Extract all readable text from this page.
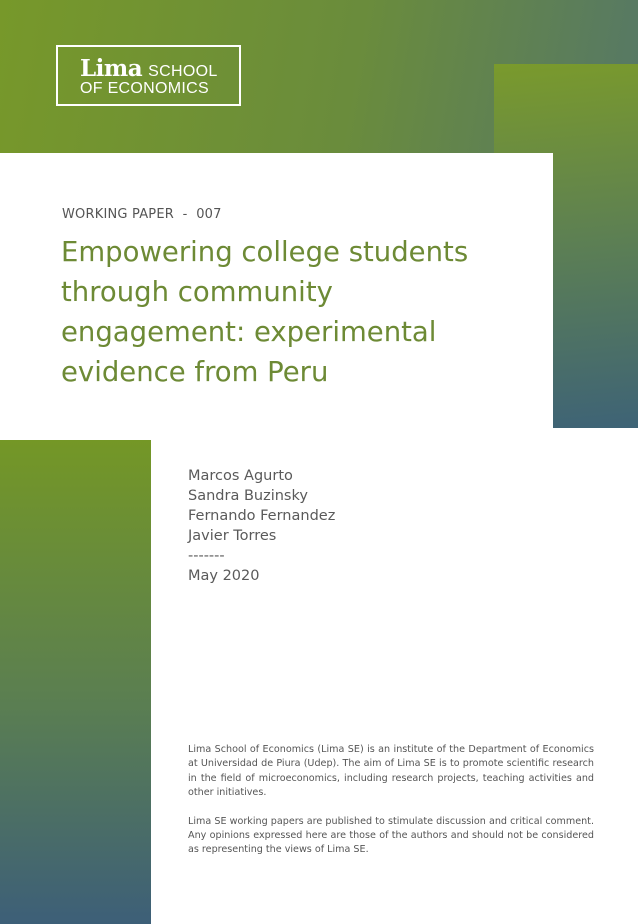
Lima SCHOOL
OF ECONOMICS
WORKING PAPER  -  007
Empowering college students
through community
engagement: experimental
evidence from Peru
Marcos Agurto
Sandra Buzinsky
Fernando Fernandez
Javier Torres
-------
May 2020

Lima School of Economics (Lima SE) is an institute of the Department of Economics at Universidad de Piura (Udep). The aim of Lima SE is to promote scientific research in the field of microeconomics, including research projects, teaching activities and other initiatives.

Lima SE working papers are published to stimulate discussion and critical comment. Any opinions expressed here are those of the authors and should not be considered as representing the views of Lima SE.
